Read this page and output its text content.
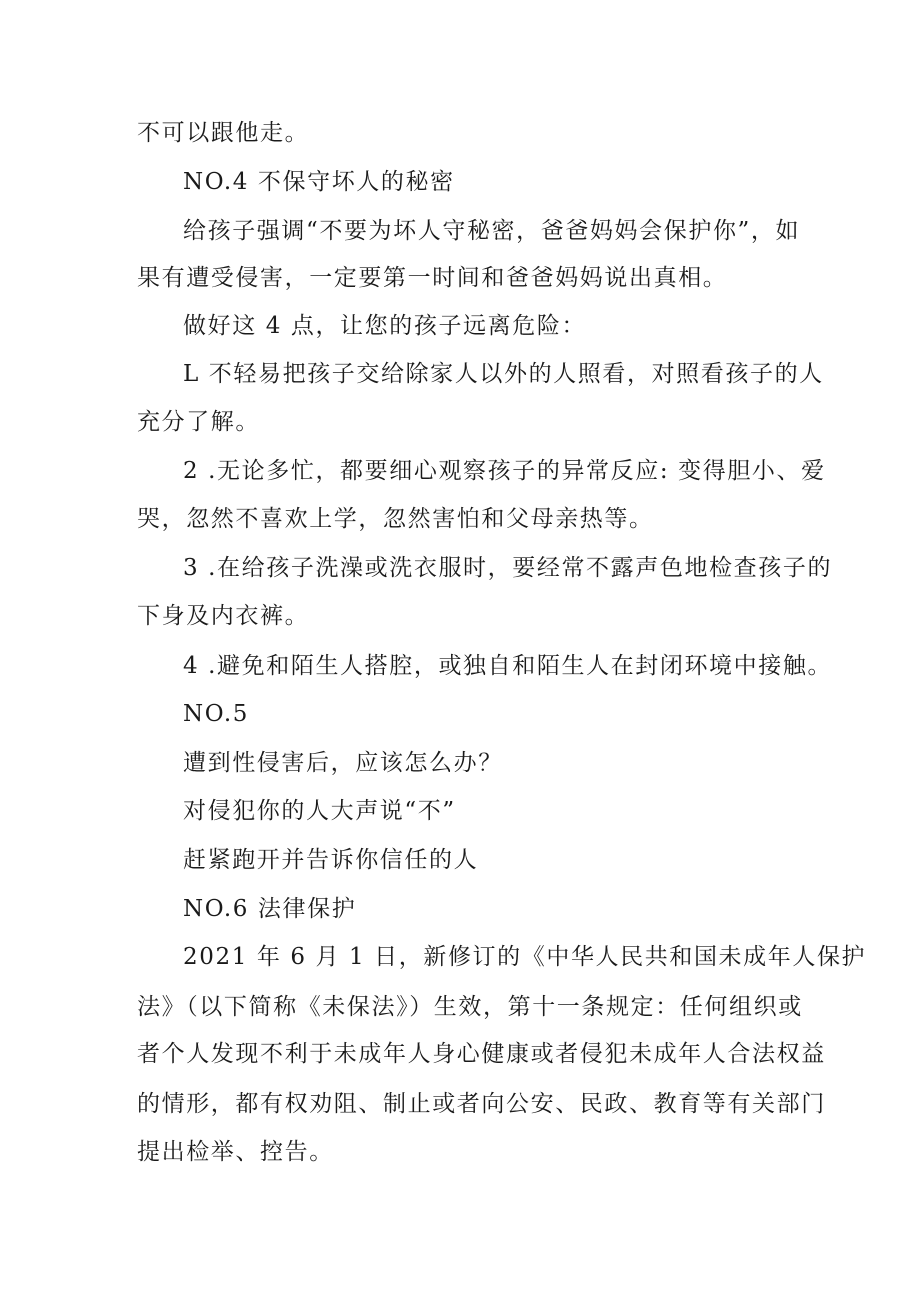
不可以跟他走。
NO.4 不保守坏人的秘密
给孩子强调“不要为坏人守秘密，爸爸妈妈会保护你”，如
果有遭受侵害，一定要第一时间和爸爸妈妈说出真相。
做好这 4 点，让您的孩子远离危险：
L 不轻易把孩子交给除家人以外的人照看，对照看孩子的人
充分了解。
2 .无论多忙，都要细心观察孩子的异常反应: 变得胆小、爱
哭，忽然不喜欢上学，忽然害怕和父母亲热等。
3 .在给孩子洗澡或洗衣服时，要经常不露声色地检查孩子的
下身及内衣裤。
4 .避免和陌生人搭腔，或独自和陌生人在封闭环境中接触。
NO.5
遭到性侵害后，应该怎么办？
对侵犯你的人大声说“不”
赶紧跑开并告诉你信任的人
NO.6 法律保护
2021 年 6 月 1 日，新修订的《中华人民共和国未成年人保护
法》（以下简称《未保法》）生效，第十一条规定：任何组织或
者个人发现不利于未成年人身心健康或者侵犯未成年人合法权益
的情形，都有权劝阻、制止或者向公安、民政、教育等有关部门
提出检举、控告。
